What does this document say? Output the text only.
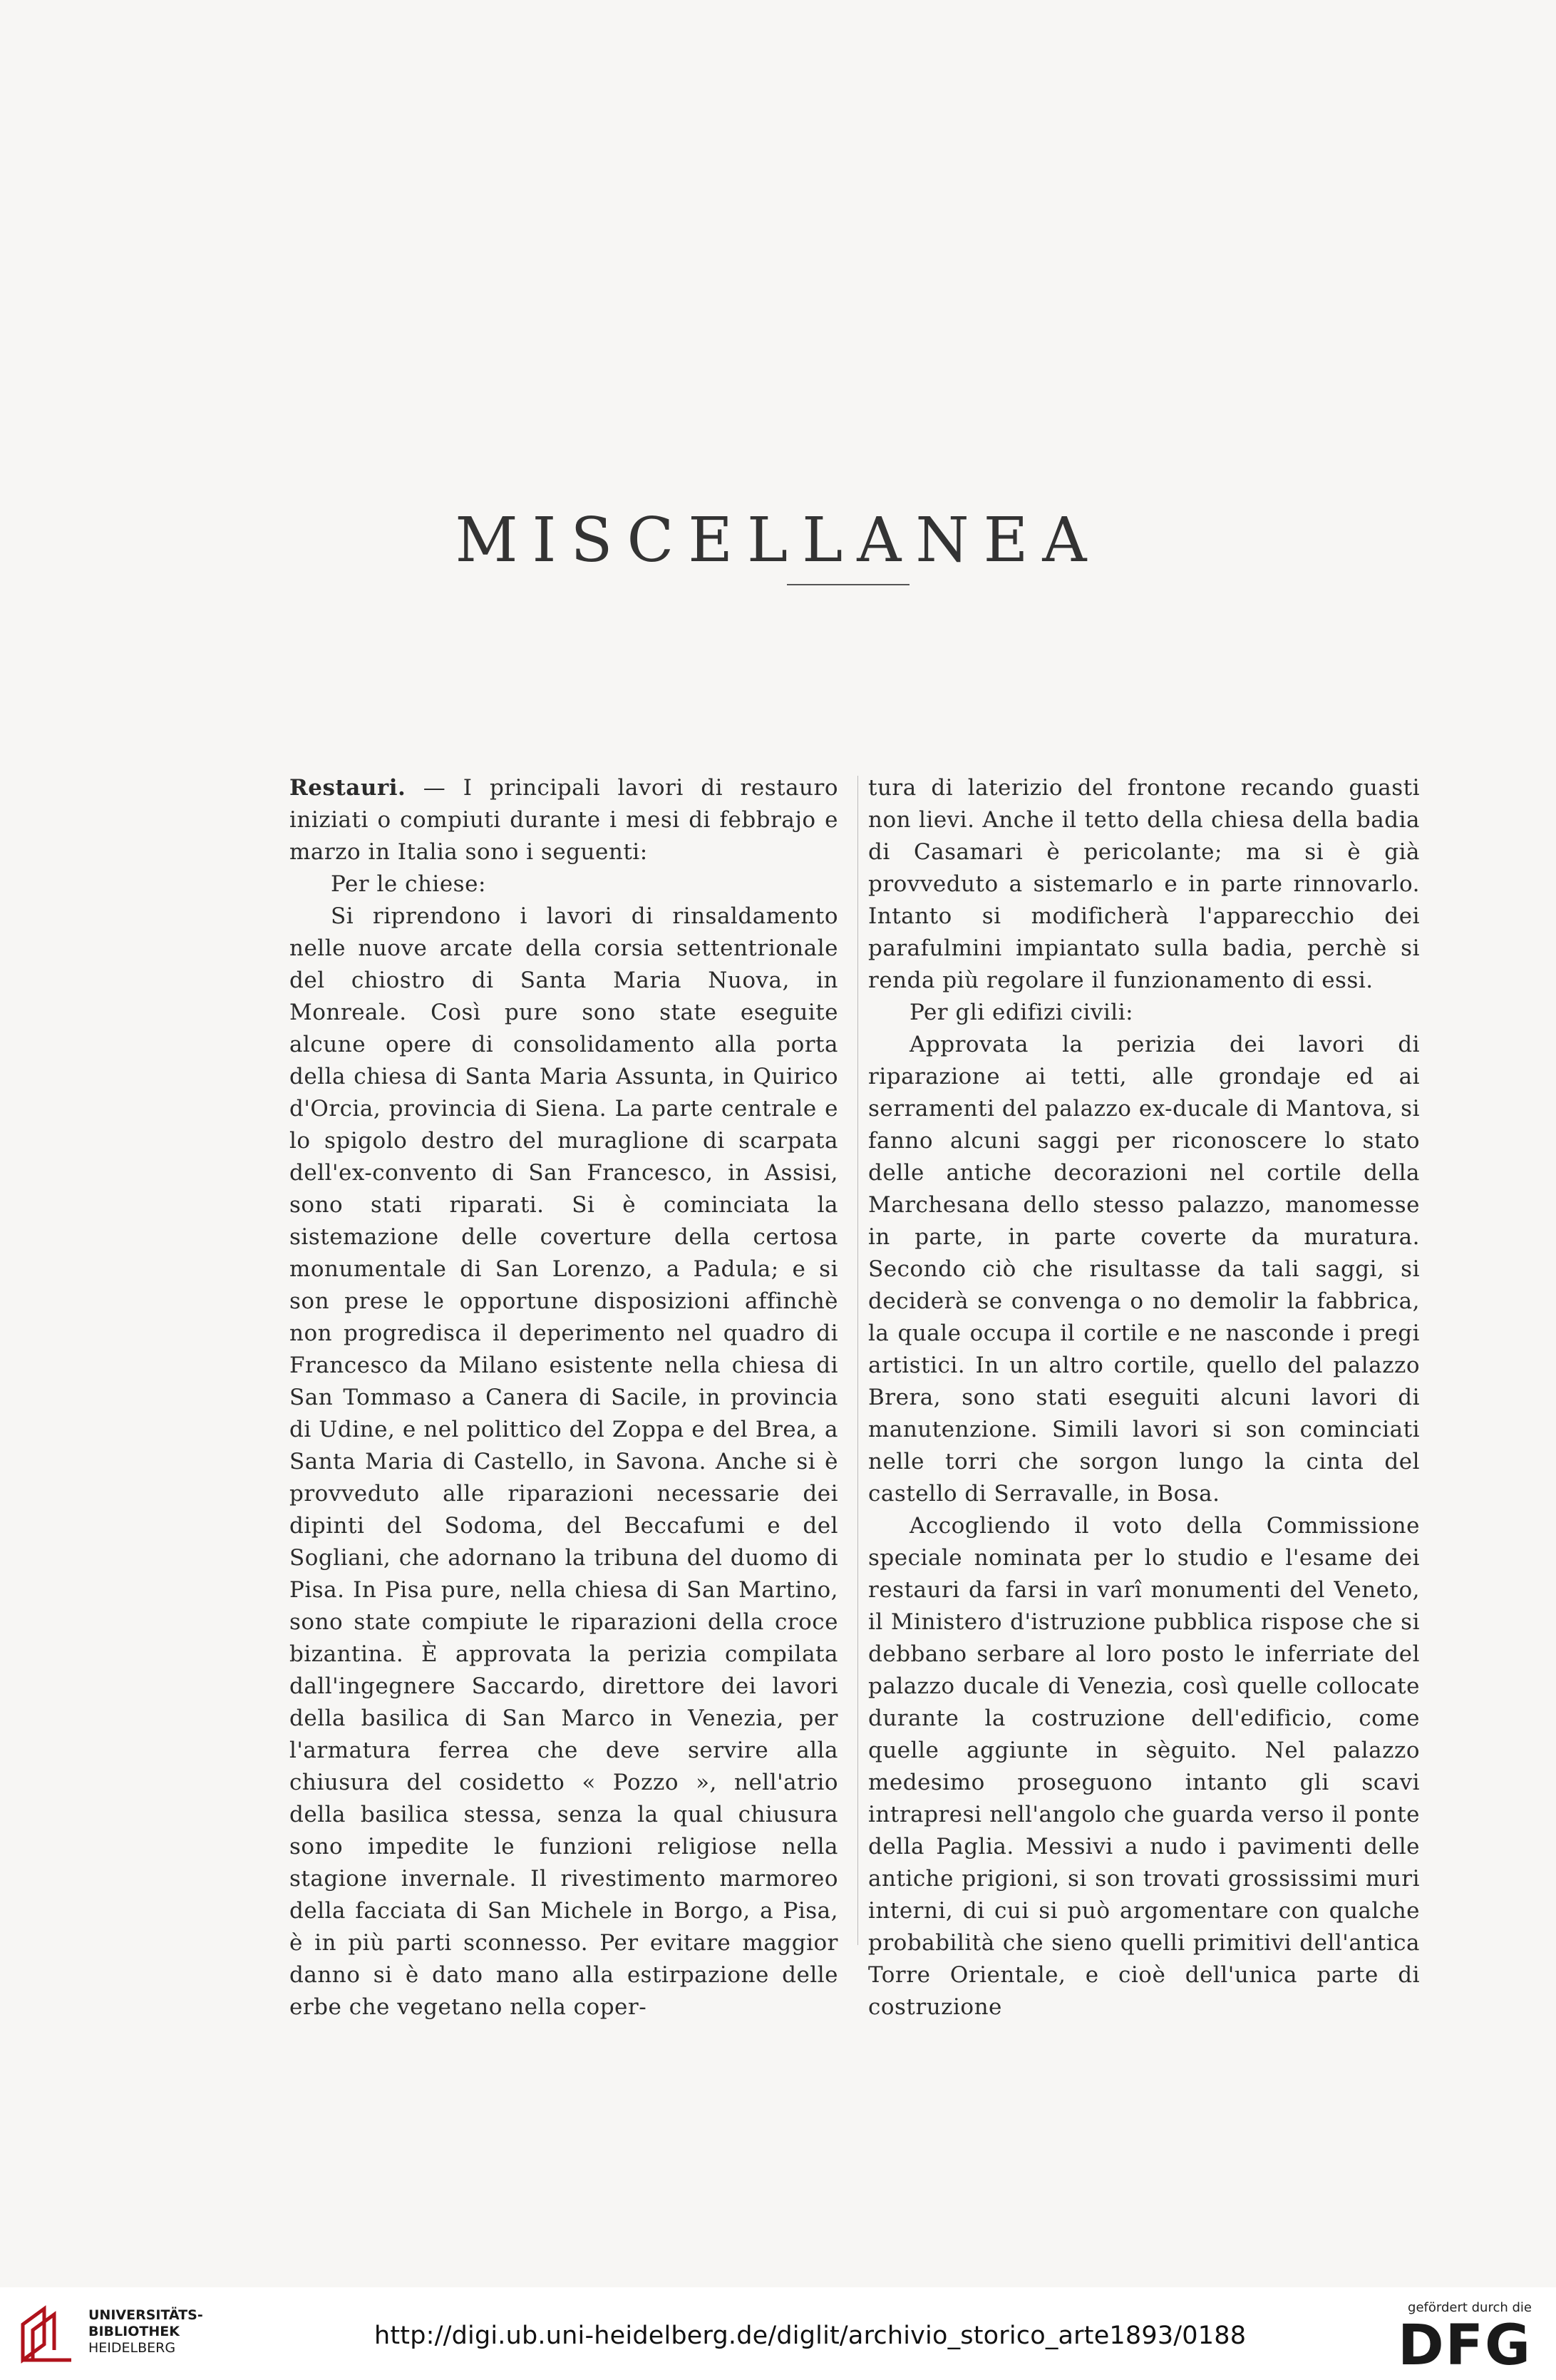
MISCELLANEA

Restauri. — I principali lavori di restauro iniziati o compiuti durante i mesi di febbrajo e marzo in Italia sono i seguenti:

Per le chiese:

Si riprendono i lavori di rinsaldamento nelle nuove arcate della corsia settentrionale del chiostro di Santa Maria Nuova, in Monreale. Così pure sono state eseguite alcune opere di consolidamento alla porta della chiesa di Santa Maria Assunta, in Quirico d'Orcia, provincia di Siena. La parte centrale e lo spigolo destro del muraglione di scarpata dell'ex-convento di San Francesco, in Assisi, sono stati riparati. Si è cominciata la sistemazione delle coverture della certosa monumentale di San Lorenzo, a Padula; e si son prese le opportune disposizioni affinchè non progredisca il deperimento nel quadro di Francesco da Milano esistente nella chiesa di San Tommaso a Canera di Sacile, in provincia di Udine, e nel polittico del Zoppa e del Brea, a Santa Maria di Castello, in Savona. Anche si è provveduto alle riparazioni necessarie dei dipinti del Sodoma, del Beccafumi e del Sogliani, che adornano la tribuna del duomo di Pisa. In Pisa pure, nella chiesa di San Martino, sono state compiute le riparazioni della croce bizantina. È approvata la perizia compilata dall'ingegnere Saccardo, direttore dei lavori della basilica di San Marco in Venezia, per l'armatura ferrea che deve servire alla chiusura del cosidetto « Pozzo », nell'atrio della basilica stessa, senza la qual chiusura sono impedite le funzioni religiose nella stagione invernale. Il rivestimento marmoreo della facciata di San Michele in Borgo, a Pisa, è in più parti sconnesso. Per evitare maggior danno si è dato mano alla estirpazione delle erbe che vegetano nella coper-

tura di laterizio del frontone recando guasti non lievi. Anche il tetto della chiesa della badia di Casamari è pericolante; ma si è già provveduto a sistemarlo e in parte rinnovarlo. Intanto si modificherà l'apparecchio dei parafulmini impiantato sulla badia, perchè si renda più regolare il funzionamento di essi.

Per gli edifizi civili:

Approvata la perizia dei lavori di riparazione ai tetti, alle grondaje ed ai serramenti del palazzo ex-ducale di Mantova, si fanno alcuni saggi per riconoscere lo stato delle antiche decorazioni nel cortile della Marchesana dello stesso palazzo, manomesse in parte, in parte coverte da muratura. Secondo ciò che risultasse da tali saggi, si deciderà se convenga o no demolir la fabbrica, la quale occupa il cortile e ne nasconde i pregi artistici. In un altro cortile, quello del palazzo Brera, sono stati eseguiti alcuni lavori di manutenzione. Simili lavori si son cominciati nelle torri che sorgon lungo la cinta del castello di Serravalle, in Bosa.

Accogliendo il voto della Commissione speciale nominata per lo studio e l'esame dei restauri da farsi in varî monumenti del Veneto, il Ministero d'istruzione pubblica rispose che si debbano serbare al loro posto le inferriate del palazzo ducale di Venezia, così quelle collocate durante la costruzione dell'edificio, come quelle aggiunte in sèguito. Nel palazzo medesimo proseguono intanto gli scavi intrapresi nell'angolo che guarda verso il ponte della Paglia. Messivi a nudo i pavimenti delle antiche prigioni, si son trovati grossissimi muri interni, di cui si può argomentare con qualche probabilità che sieno quelli primitivi dell'antica Torre Orientale, e cioè dell'unica parte di costruzione

UNIVERSITÄTS-
BIBLIOTHEK
HEIDELBERG	http://digi.ub.uni-heidelberg.de/diglit/archivio_storico_arte1893/0188
gefördert durch die
DFG
